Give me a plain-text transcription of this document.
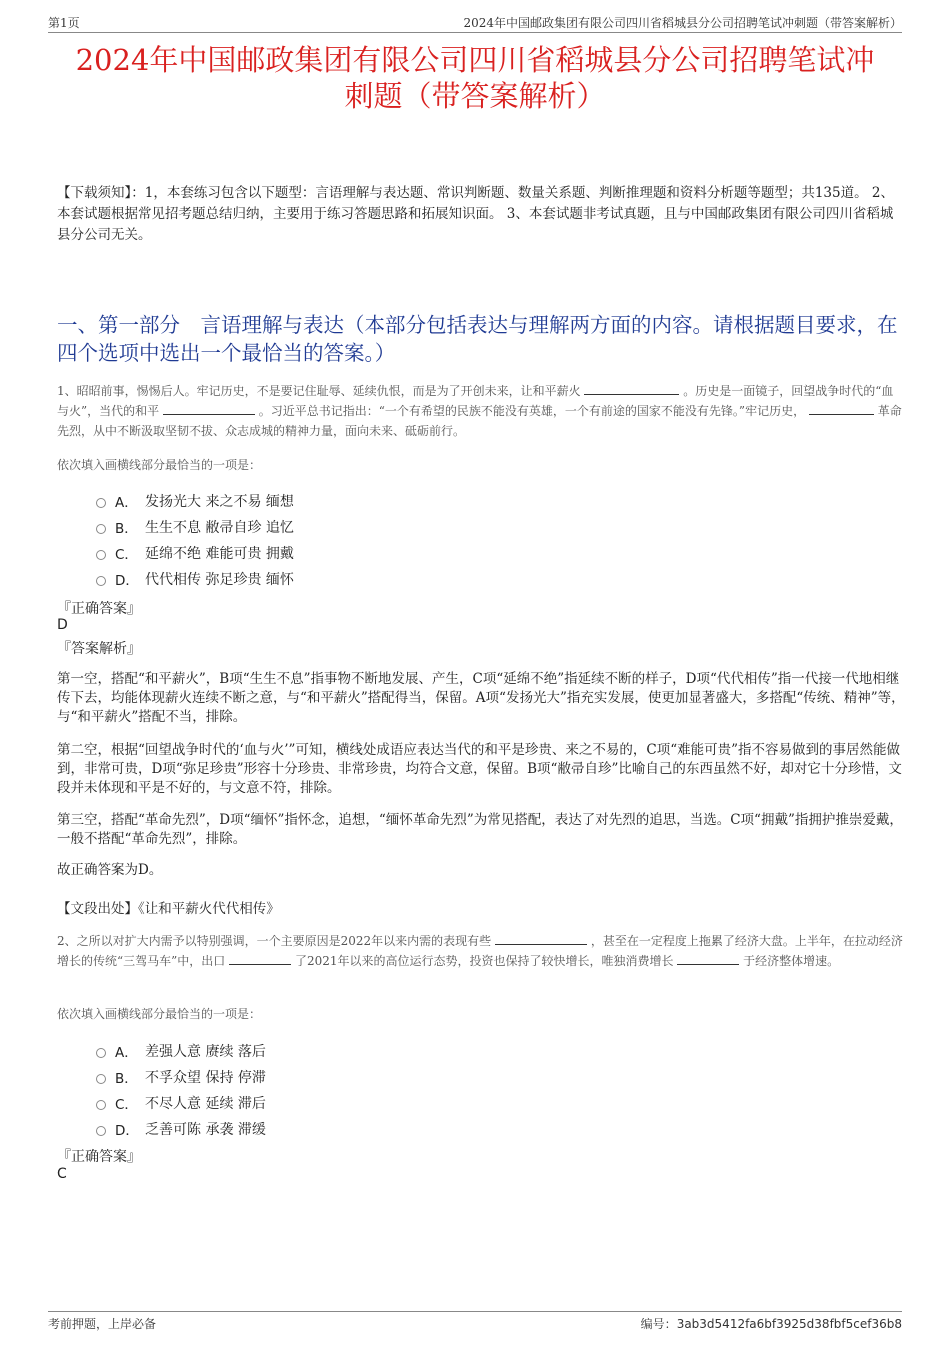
第1页	2024年中国邮政集团有限公司四川省稻城县分公司招聘笔试冲刺题（带答案解析）
2024年中国邮政集团有限公司四川省稻城县分公司招聘笔试冲
刺题（带答案解析）
【下载须知】：1，本套练习包含以下题型：言语理解与表达题、常识判断题、数量关系题、判断推理题和资料分析题等题型；共135道。 2、本套试题根据常见招考题总结归纳，主要用于练习答题思路和拓展知识面。 3、本套试题非考试真题，且与中国邮政集团有限公司四川省稻城县分公司无关。
一、第一部分　言语理解与表达（本部分包括表达与理解两方面的内容。请根据题目要求，在四个选项中选出一个最恰当的答案。）
1、昭昭前事，惕惕后人。牢记历史，不是要记住耻辱、延续仇恨，而是为了开创未来，让和平薪火	。历史是一面镜子，回望战争时代的“血与火”，当代的和平	。习近平总书记指出：“一个有希望的民族不能没有英雄，一个有前途的国家不能没有先锋。”牢记历史，	革命先烈，从中不断汲取坚韧不拔、众志成城的精神力量，面向未来、砥砺前行。
依次填入画横线部分最恰当的一项是：
A． 发扬光大 来之不易 缅想
B． 生生不息 敝帚自珍 追忆
C． 延绵不绝 难能可贵 拥戴
D． 代代相传 弥足珍贵 缅怀
『正确答案』
D
『答案解析』
第一空，搭配“和平薪火”，B项“生生不息”指事物不断地发展、产生，C项“延绵不绝”指延续不断的样子，D项“代代相传”指一代接一代地相继传下去，均能体现薪火连续不断之意，与“和平薪火”搭配得当，保留。A项“发扬光大”指充实发展，使更加显著盛大，多搭配“传统、精神”等，与“和平薪火”搭配不当，排除。
第二空，根据“回望战争时代的‘血与火’”可知，横线处成语应表达当代的和平是珍贵、来之不易的，C项“难能可贵”指不容易做到的事居然能做到，非常可贵，D项“弥足珍贵”形容十分珍贵、非常珍贵，均符合文意，保留。B项“敝帚自珍”比喻自己的东西虽然不好，却对它十分珍惜，文段并未体现和平是不好的，与文意不符，排除。
第三空，搭配“革命先烈”，D项“缅怀”指怀念，追想，“缅怀革命先烈”为常见搭配，表达了对先烈的追思，当选。C项“拥戴”指拥护推崇爱戴，一般不搭配“革命先烈”，排除。
故正确答案为D。
【文段出处】《让和平薪火代代相传》
2、之所以对扩大内需予以特别强调，一个主要原因是2022年以来内需的表现有些	，甚至在一定程度上拖累了经济大盘。上半年，在拉动经济增长的传统“三驾马车”中，出口	了2021年以来的高位运行态势，投资也保持了较快增长，唯独消费增长	于经济整体增速。
依次填入画横线部分最恰当的一项是：
A． 差强人意 赓续 落后
B． 不孚众望 保持 停滞
C． 不尽人意 延续 滞后
D． 乏善可陈 承袭 滞缓
『正确答案』
C
考前押题，上岸必备	编号：3ab3d5412fa6bf3925d38fbf5cef36b8
